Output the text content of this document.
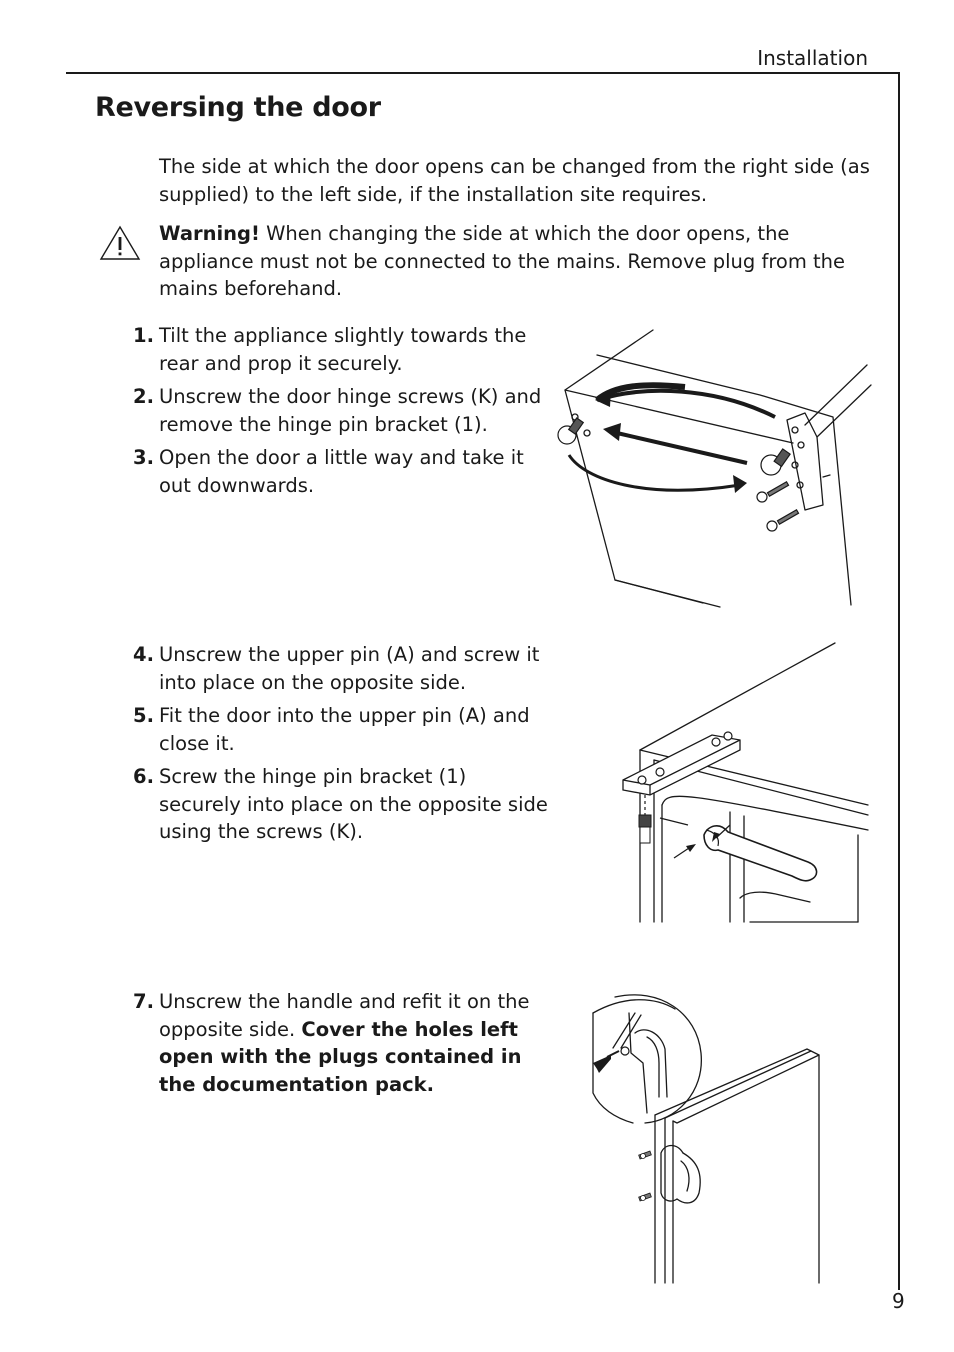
Installation
9
Reversing the door

The side at which the door opens can be changed from the right side (as supplied) to the left side, if the installation site requires.

Warning! When changing the side at which the door opens, the appliance must not be connected to the mains. Remove plug from the mains beforehand.

1. Tilt the appliance slightly towards the rear and prop it securely.
2. Unscrew the door hinge screws (K) and remove the hinge pin bracket (1).
3. Open the door a little way and take it out downwards.
4. Unscrew the upper pin (A) and screw it into place on the opposite side.
5. Fit the door into the upper pin (A) and close it.
6. Screw the hinge pin bracket (1) securely into place on the opposite side using the screws (K).
7. Unscrew the handle and refit it on the opposite side. Cover the holes left open with the plugs contained in the documentation pack.
